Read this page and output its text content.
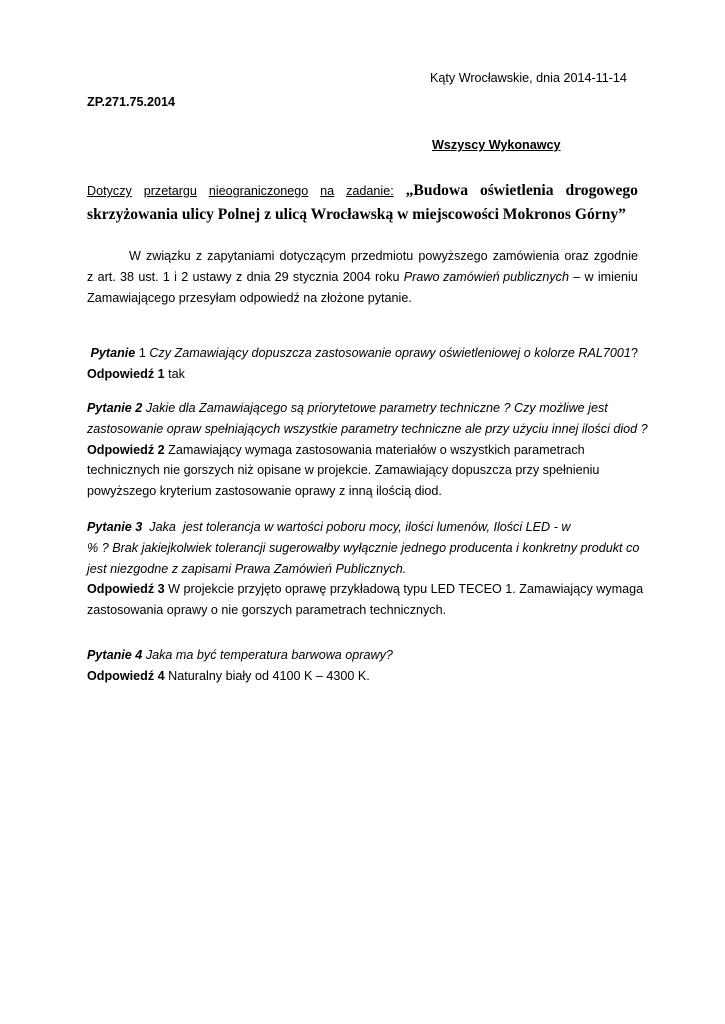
Kąty Wrocławskie, dnia 2014-11-14

ZP.271.75.2014

Wszyscy Wykonawcy

Dotyczy przetargu nieograniczonego na zadanie: „Budowa oświetlenia drogowego
skrzyżowania ulicy Polnej z ulicą Wrocławską w miejscowości Mokronos Górny”
W związku z zapytaniami dotyczącym przedmiotu powyższego zamówienia oraz zgodnie
z art. 38 ust. 1 i 2 ustawy z dnia 29 stycznia 2004 roku Prawo zamówień publicznych – w imieniu
Zamawiającego przesyłam odpowiedź na złożone pytanie.
Pytanie 1 Czy Zamawiający dopuszcza zastosowanie oprawy oświetleniowej o kolorze RAL7001?
Odpowiedź 1 tak
Pytanie 2 Jakie dla Zamawiającego są priorytetowe parametry techniczne ? Czy możliwe jest
zastosowanie opraw spełniających wszystkie parametry techniczne ale przy użyciu innej ilości diod ?
Odpowiedź 2 Zamawiający wymaga zastosowania materiałów o wszystkich parametrach
technicznych nie gorszych niż opisane w projekcie. Zamawiający dopuszcza przy spełnieniu
powyższego kryterium zastosowanie oprawy z inną ilością diod.
Pytanie 3  Jaka  jest tolerancja w wartości poboru mocy, ilości lumenów, Ilości LED - w
% ? Brak jakiejkolwiek tolerancji sugerowałby wyłącznie jednego producenta i konkretny produkt co
jest niezgodne z zapisami Prawa Zamówień Publicznych.
Odpowiedź 3 W projekcie przyjęto oprawę przykładową typu LED TECEO 1. Zamawiający wymaga
zastosowania oprawy o nie gorszych parametrach technicznych.
Pytanie 4 Jaka ma być temperatura barwowa oprawy?
Odpowiedź 4 Naturalny biały od 4100 K – 4300 K.
